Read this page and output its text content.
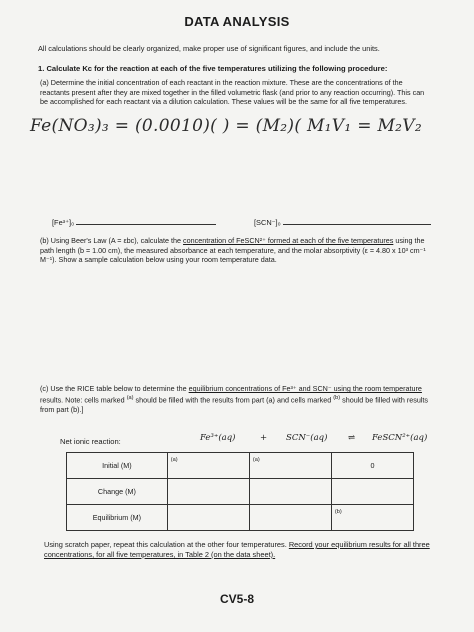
DATA ANALYSIS
All calculations should be clearly organized, make proper use of significant figures, and include the units.
1. Calculate Kc for the reaction at each of the five temperatures utilizing the following procedure:
(a) Determine the initial concentration of each reactant in the reaction mixture. These are the concentrations of the reactants present after they are mixed together in the filled volumetric flask (and prior to any reaction occurring). This can be accomplished for each reactant via a dilution calculation. These values will be the same for all five temperatures.
Fe(NO₃)₃ = (0.0010)( ) = (M₂)( M₁V₁ = M₂V₂
[Fe³⁺]₀	[SCN⁻]₀
(b) Using Beer's Law (A = εbc), calculate the concentration of FeSCN²⁺ formed at each of the five temperatures using the path length (b = 1.00 cm), the measured absorbance at each temperature, and the molar absorptivity (ε = 4.80 x 10³ cm⁻¹ M⁻¹). Show a sample calculation below using your room temperature data.
(c) Use the RICE table below to determine the equilibrium concentrations of Fe³⁺ and SCN⁻ using the room temperature results. Note: cells marked $^{(a)}$ should be filled with the results from part (a) and cells marked $^{(b)}$ should be filled with results from part (b).]
Net ionic reaction:	Fe³⁺(aq)	+ SCN⁻(aq) ⇌ FeSCN²⁺(aq)
Initial (M)	(a)	(a)	0
Change (M)			
Equilibrium (M)			(b)
Using scratch paper, repeat this calculation at the other four temperatures. Record your equilibrium results for all three concentrations, for all five temperatures, in Table 2 (on the data sheet).
CV5-8
